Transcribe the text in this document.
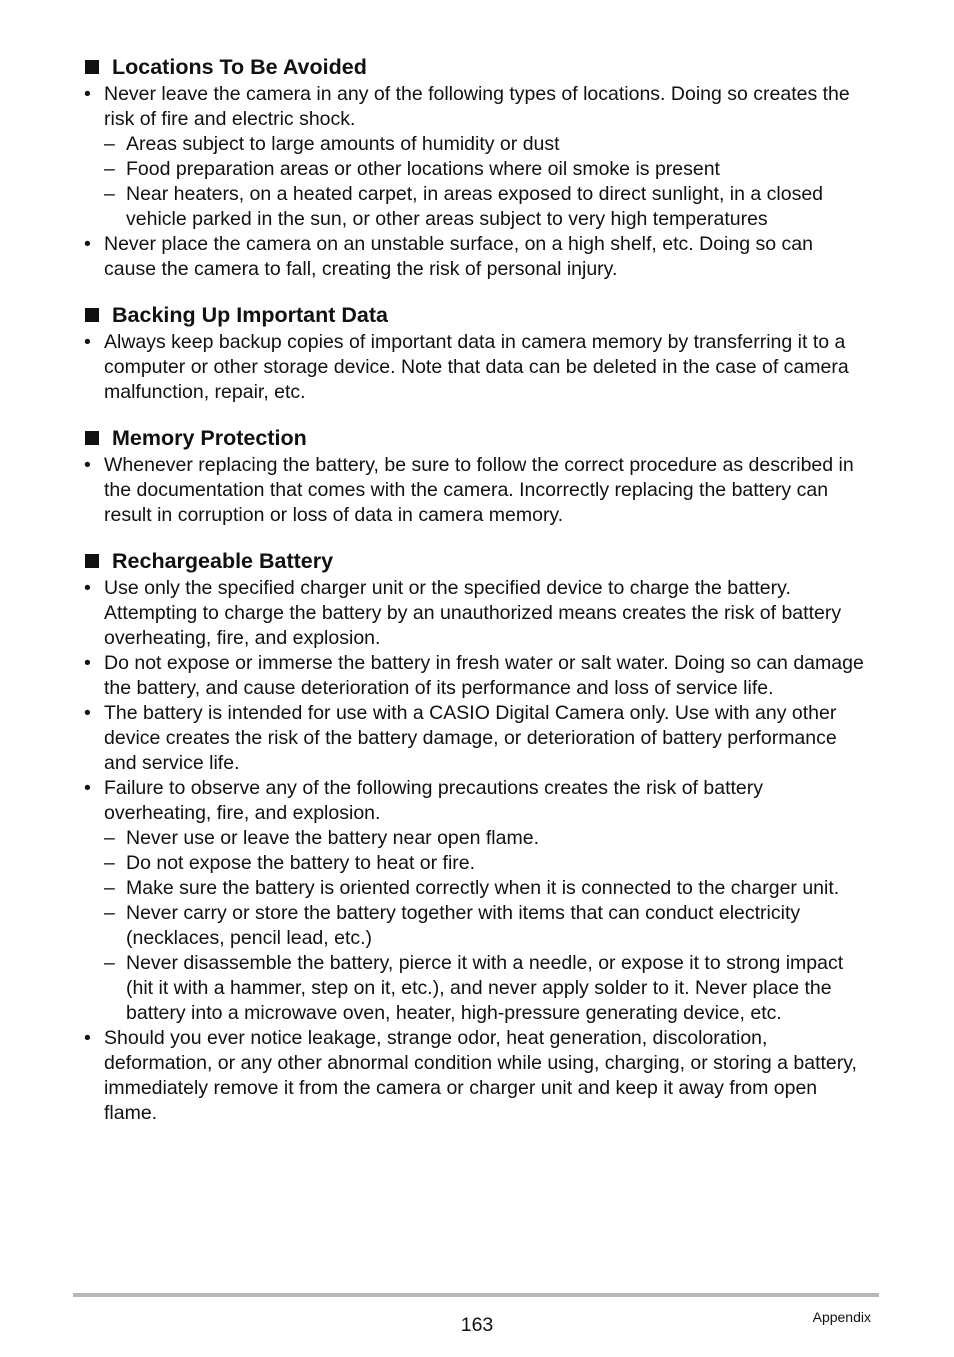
Locations To Be Avoided
• Never leave the camera in any of the following types of locations. Doing so creates the risk of fire and electric shock.
– Areas subject to large amounts of humidity or dust
– Food preparation areas or other locations where oil smoke is present
– Near heaters, on a heated carpet, in areas exposed to direct sunlight, in a closed vehicle parked in the sun, or other areas subject to very high temperatures
• Never place the camera on an unstable surface, on a high shelf, etc. Doing so can cause the camera to fall, creating the risk of personal injury.
Backing Up Important Data
• Always keep backup copies of important data in camera memory by transferring it to a computer or other storage device. Note that data can be deleted in the case of camera malfunction, repair, etc.
Memory Protection
• Whenever replacing the battery, be sure to follow the correct procedure as described in the documentation that comes with the camera. Incorrectly replacing the battery can result in corruption or loss of data in camera memory.
Rechargeable Battery
• Use only the specified charger unit or the specified device to charge the battery. Attempting to charge the battery by an unauthorized means creates the risk of battery overheating, fire, and explosion.
• Do not expose or immerse the battery in fresh water or salt water. Doing so can damage the battery, and cause deterioration of its performance and loss of service life.
• The battery is intended for use with a CASIO Digital Camera only. Use with any other device creates the risk of the battery damage, or deterioration of battery performance and service life.
• Failure to observe any of the following precautions creates the risk of battery overheating, fire, and explosion.
– Never use or leave the battery near open flame.
– Do not expose the battery to heat or fire.
– Make sure the battery is oriented correctly when it is connected to the charger unit.
– Never carry or store the battery together with items that can conduct electricity (necklaces, pencil lead, etc.)
– Never disassemble the battery, pierce it with a needle, or expose it to strong impact (hit it with a hammer, step on it, etc.), and never apply solder to it. Never place the battery into a microwave oven, heater, high-pressure generating device, etc.
• Should you ever notice leakage, strange odor, heat generation, discoloration, deformation, or any other abnormal condition while using, charging, or storing a battery, immediately remove it from the camera or charger unit and keep it away from open flame.
163	Appendix
